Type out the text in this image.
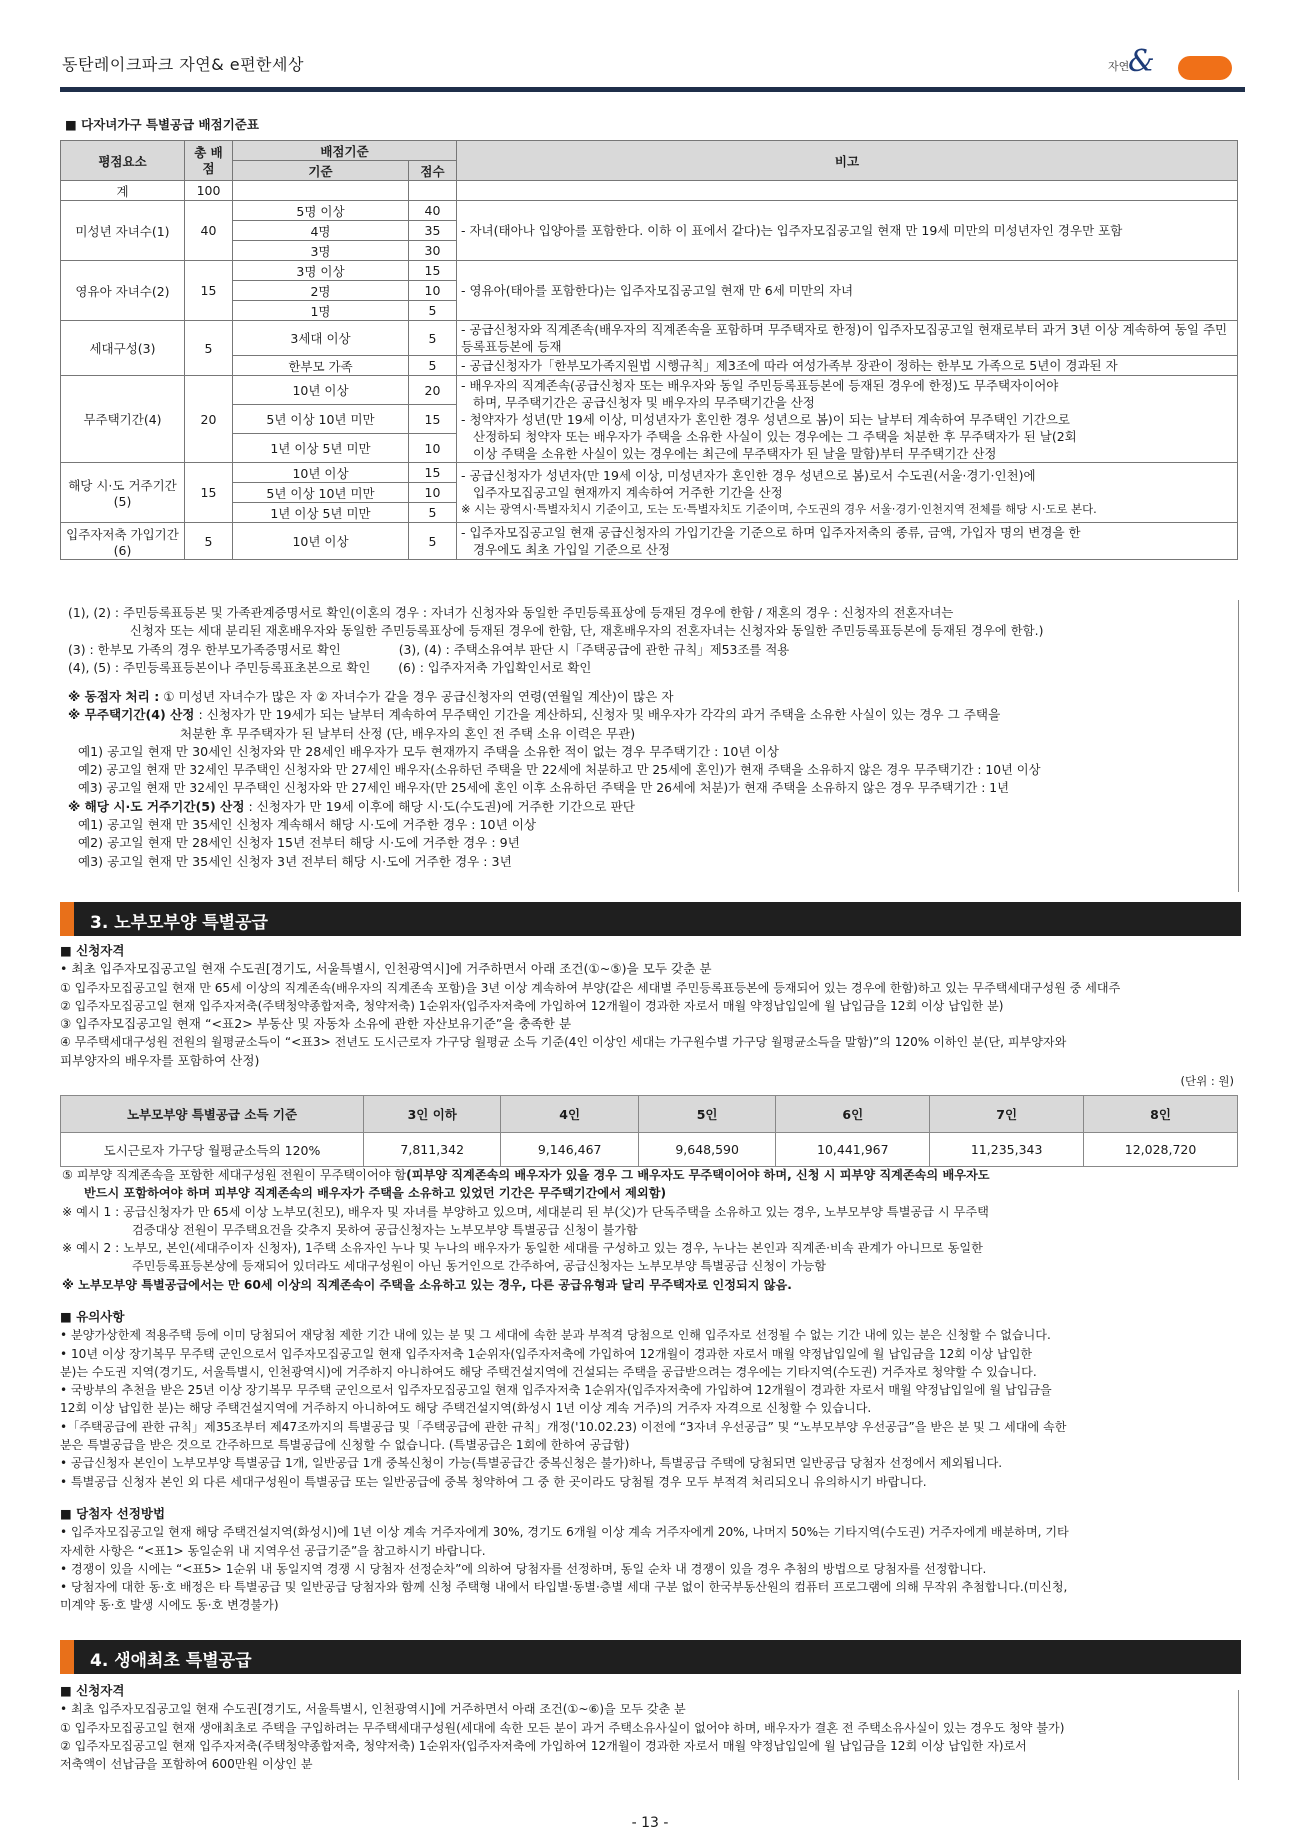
동탄레이크파크 자연& e편한세상	자연
&
■ 다자녀가구 특별공급 배점기준표
평점요소	총 배점	배점기준		비고
		기준	점수	
계	100			
미성년 자녀수(1)	40	5명 이상	40	- 자녀(태아나 입양아를 포함한다. 이하 이 표에서 같다)는 입주자모집공고일 현재 만 19세 미만의 미성년자인 경우만 포함
		4명	35	
		3명	30	
영유아 자녀수(2)	15	3명 이상	15	- 영유아(태아를 포함한다)는 입주자모집공고일 현재 만 6세 미만의 자녀
		2명	10	
		1명	5	
세대구성(3)	5	3세대 이상	5	- 공급신청자와 직계존속(배우자의 직계존속을 포함하며 무주택자로 한정)이 입주자모집공고일 현재로부터 과거 3년 이상 계속하여 동일 주민등록표등본에 등재
		한부모 가족	5	- 공급신청자가「한부모가족지원법 시행규칙」제3조에 따라 여성가족부 장관이 정하는 한부모 가족으로 5년이 경과된 자
무주택기간(4)	20	10년 이상	20	- 배우자의 직계존속(공급신청자 또는 배우자와 동일 주민등록표등본에 등재된 경우에 한정)도 무주택자이어야
하며, 무주택기간은 공급신청자 및 배우자의 무주택기간을 산정
- 청약자가 성년(만 19세 이상, 미성년자가 혼인한 경우 성년으로 봄)이 되는 날부터 계속하여 무주택인 기간으로
산정하되 청약자 또는 배우자가 주택을 소유한 사실이 있는 경우에는 그 주택을 처분한 후 무주택자가 된 날(2회
이상 주택을 소유한 사실이 있는 경우에는 최근에 무주택자가 된 날을 말함)부터 무주택기간 산정

		5년 이상 10년 미만	15	
		1년 이상 5년 미만	10	
해당 시·도 거주기간(5)	15	10년 이상	15	- 공급신청자가 성년자(만 19세 이상, 미성년자가 혼인한 경우 성년으로 봄)로서 수도권(서울·경기·인천)에
입주자모집공고일 현재까지 계속하여 거주한 기간을 산정
※ 시는 광역시·특별자치시 기준이고, 도는 도·특별자치도 기준이며, 수도권의 경우 서울·경기·인천지역 전체를 해당 시·도로 본다.

		5년 이상 10년 미만	10	
		1년 이상 5년 미만	5	
입주자저축 가입기간(6)	5	10년 이상	5	- 입주자모집공고일 현재 공급신청자의 가입기간을 기준으로 하며 입주자저축의 종류, 금액, 가입자 명의 변경을 한
경우에도 최초 가입일 기준으로 산정

(1), (2) : 주민등록표등본 및 가족관계증명서로 확인(이혼의 경우 : 자녀가 신청자와 동일한 주민등록표상에 등재된 경우에 한함 / 재혼의 경우 : 신청자의 전혼자녀는

신청자 또는 세대 분리된 재혼배우자와 동일한 주민등록표상에 등재된 경우에 한함, 단, 재혼배우자의 전혼자녀는 신청자와 동일한 주민등록표등본에 등재된 경우에 한함.)

(3) : 한부모 가족의 경우 한부모가족증명서로 확인	(3), (4) : 주택소유여부 판단 시「주택공급에 관한 규칙」제53조를 적용

(4), (5) : 주민등록표등본이나 주민등록표초본으로 확인 (6) : 입주자저축 가입확인서로 확인

※ 동점자 처리 : ① 미성년 자녀수가 많은 자 ② 자녀수가 같을 경우 공급신청자의 연령(연월일 계산)이 많은 자

※ 무주택기간(4) 산정 : 신청자가 만 19세가 되는 날부터 계속하여 무주택인 기간을 계산하되, 신청자 및 배우자가 각각의 과거 주택을 소유한 사실이 있는 경우 그 주택을

처분한 후 무주택자가 된 날부터 산정 (단, 배우자의 혼인 전 주택 소유 이력은 무관)

예1) 공고일 현재 만 30세인 신청자와 만 28세인 배우자가 모두 현재까지 주택을 소유한 적이 없는 경우 무주택기간 : 10년 이상

예2) 공고일 현재 만 32세인 무주택인 신청자와 만 27세인 배우자(소유하던 주택을 만 22세에 처분하고 만 25세에 혼인)가 현재 주택을 소유하지 않은 경우 무주택기간 : 10년 이상

예3) 공고일 현재 만 32세인 무주택인 신청자와 만 27세인 배우자(만 25세에 혼인 이후 소유하던 주택을 만 26세에 처분)가 현재 주택을 소유하지 않은 경우 무주택기간 : 1년

※ 해당 시·도 거주기간(5) 산정 : 신청자가 만 19세 이후에 해당 시·도(수도권)에 거주한 기간으로 판단

예1) 공고일 현재 만 35세인 신청자 계속해서 해당 시·도에 거주한 경우 : 10년 이상

예2) 공고일 현재 만 28세인 신청자 15년 전부터 해당 시·도에 거주한 경우 : 9년

예3) 공고일 현재 만 35세인 신청자 3년 전부터 해당 시·도에 거주한 경우 : 3년

3. 노부모부양 특별공급

■ 신청자격

• 최초 입주자모집공고일 현재 수도권[경기도, 서울특별시, 인천광역시]에 거주하면서 아래 조건(①~⑤)을 모두 갖춘 분

① 입주자모집공고일 현재 만 65세 이상의 직계존속(배우자의 직계존속 포함)을 3년 이상 계속하여 부양(같은 세대별 주민등록표등본에 등재되어 있는 경우에 한함)하고 있는 무주택세대구성원 중 세대주

② 입주자모집공고일 현재 입주자저축(주택청약종합저축, 청약저축) 1순위자(입주자저축에 가입하여 12개월이 경과한 자로서 매월 약정납입일에 월 납입금을 12회 이상 납입한 분)

③ 입주자모집공고일 현재 “<표2> 부동산 및 자동차 소유에 관한 자산보유기준”을 충족한 분

④ 무주택세대구성원 전원의 월평균소득이 “<표3> 전년도 도시근로자 가구당 월평균 소득 기준(4인 이상인 세대는 가구원수별 가구당 월평균소득을 말함)”의 120% 이하인 분(단, 피부양자와

피부양자의 배우자를 포함하여 산정)

(단위 : 원)
노부모부양 특별공급 소득 기준	3인 이하	4인	5인	6인	7인	8인
도시근로자 가구당 월평균소득의 120%	7,811,342	9,146,467	9,648,590	10,441,967	11,235,343	12,028,720

⑤ 피부양 직계존속을 포함한 세대구성원 전원이 무주택이어야 함(피부양 직계존속의 배우자가 있을 경우 그 배우자도 무주택이어야 하며, 신청 시 피부양 직계존속의 배우자도

반드시 포함하여야 하며 피부양 직계존속의 배우자가 주택을 소유하고 있었던 기간은 무주택기간에서 제외함)

※ 예시 1 : 공급신청자가 만 65세 이상 노부모(친모), 배우자 및 자녀를 부양하고 있으며, 세대분리 된 부(父)가 단독주택을 소유하고 있는 경우, 노부모부양 특별공급 시 무주택

검증대상 전원이 무주택요건을 갖추지 못하여 공급신청자는 노부모부양 특별공급 신청이 불가함

※ 예시 2 : 노부모, 본인(세대주이자 신청자), 1주택 소유자인 누나 및 누나의 배우자가 동일한 세대를 구성하고 있는 경우, 누나는 본인과 직계존·비속 관계가 아니므로 동일한

주민등록표등본상에 등재되어 있더라도 세대구성원이 아닌 동거인으로 간주하여, 공급신청자는 노부모부양 특별공급 신청이 가능함

※ 노부모부양 특별공급에서는 만 60세 이상의 직계존속이 주택을 소유하고 있는 경우, 다른 공급유형과 달리 무주택자로 인정되지 않음.

■ 유의사항

• 분양가상한제 적용주택 등에 이미 당첨되어 재당첨 제한 기간 내에 있는 분 및 그 세대에 속한 분과 부적격 당첨으로 인해 입주자로 선정될 수 없는 기간 내에 있는 분은 신청할 수 없습니다.

• 10년 이상 장기복무 무주택 군인으로서 입주자모집공고일 현재 입주자저축 1순위자(입주자저축에 가입하여 12개월이 경과한 자로서 매월 약정납입일에 월 납입금을 12회 이상 납입한

분)는 수도권 지역(경기도, 서울특별시, 인천광역시)에 거주하지 아니하여도 해당 주택건설지역에 건설되는 주택을 공급받으려는 경우에는 기타지역(수도권) 거주자로 청약할 수 있습니다.

• 국방부의 추천을 받은 25년 이상 장기복무 무주택 군인으로서 입주자모집공고일 현재 입주자저축 1순위자(입주자저축에 가입하여 12개월이 경과한 자로서 매월 약정납입일에 월 납입금을

12회 이상 납입한 분)는 해당 주택건설지역에 거주하지 아니하여도 해당 주택건설지역(화성시 1년 이상 계속 거주)의 거주자 자격으로 신청할 수 있습니다.

•「주택공급에 관한 규칙」제35조부터 제47조까지의 특별공급 및「주택공급에 관한 규칙」개정('10.02.23) 이전에 “3자녀 우선공급” 및 “노부모부양 우선공급”을 받은 분 및 그 세대에 속한

분은 특별공급을 받은 것으로 간주하므로 특별공급에 신청할 수 없습니다. (특별공급은 1회에 한하여 공급함)

• 공급신청자 본인이 노부모부양 특별공급 1개, 일반공급 1개 중복신청이 가능(특별공급간 중복신청은 불가)하나, 특별공급 주택에 당첨되면 일반공급 당첨자 선정에서 제외됩니다.

• 특별공급 신청자 본인 외 다른 세대구성원이 특별공급 또는 일반공급에 중복 청약하여 그 중 한 곳이라도 당첨될 경우 모두 부적격 처리되오니 유의하시기 바랍니다.

■ 당첨자 선정방법

• 입주자모집공고일 현재 해당 주택건설지역(화성시)에 1년 이상 계속 거주자에게 30%, 경기도 6개월 이상 계속 거주자에게 20%, 나머지 50%는 기타지역(수도권) 거주자에게 배분하며, 기타

자세한 사항은 “<표1> 동일순위 내 지역우선 공급기준”을 참고하시기 바랍니다.

• 경쟁이 있을 시에는 “<표5> 1순위 내 동일지역 경쟁 시 당첨자 선정순차”에 의하여 당첨자를 선정하며, 동일 순차 내 경쟁이 있을 경우 추첨의 방법으로 당첨자를 선정합니다.

• 당첨자에 대한 동·호 배정은 타 특별공급 및 일반공급 당첨자와 함께 신청 주택형 내에서 타입별·동별·층별 세대 구분 없이 한국부동산원의 컴퓨터 프로그램에 의해 무작위 추첨합니다.(미신청,

미계약 동·호 발생 시에도 동·호 변경불가)

4. 생애최초 특별공급

■ 신청자격

• 최초 입주자모집공고일 현재 수도권[경기도, 서울특별시, 인천광역시]에 거주하면서 아래 조건(①~⑥)을 모두 갖춘 분

① 입주자모집공고일 현재 생애최초로 주택을 구입하려는 무주택세대구성원(세대에 속한 모든 분이 과거 주택소유사실이 없어야 하며, 배우자가 결혼 전 주택소유사실이 있는 경우도 청약 불가)

② 입주자모집공고일 현재 입주자저축(주택청약종합저축, 청약저축) 1순위자(입주자저축에 가입하여 12개월이 경과한 자로서 매월 약정납입일에 월 납입금을 12회 이상 납입한 자)로서

저축액이 선납금을 포함하여 600만원 이상인 분

- 13 -
